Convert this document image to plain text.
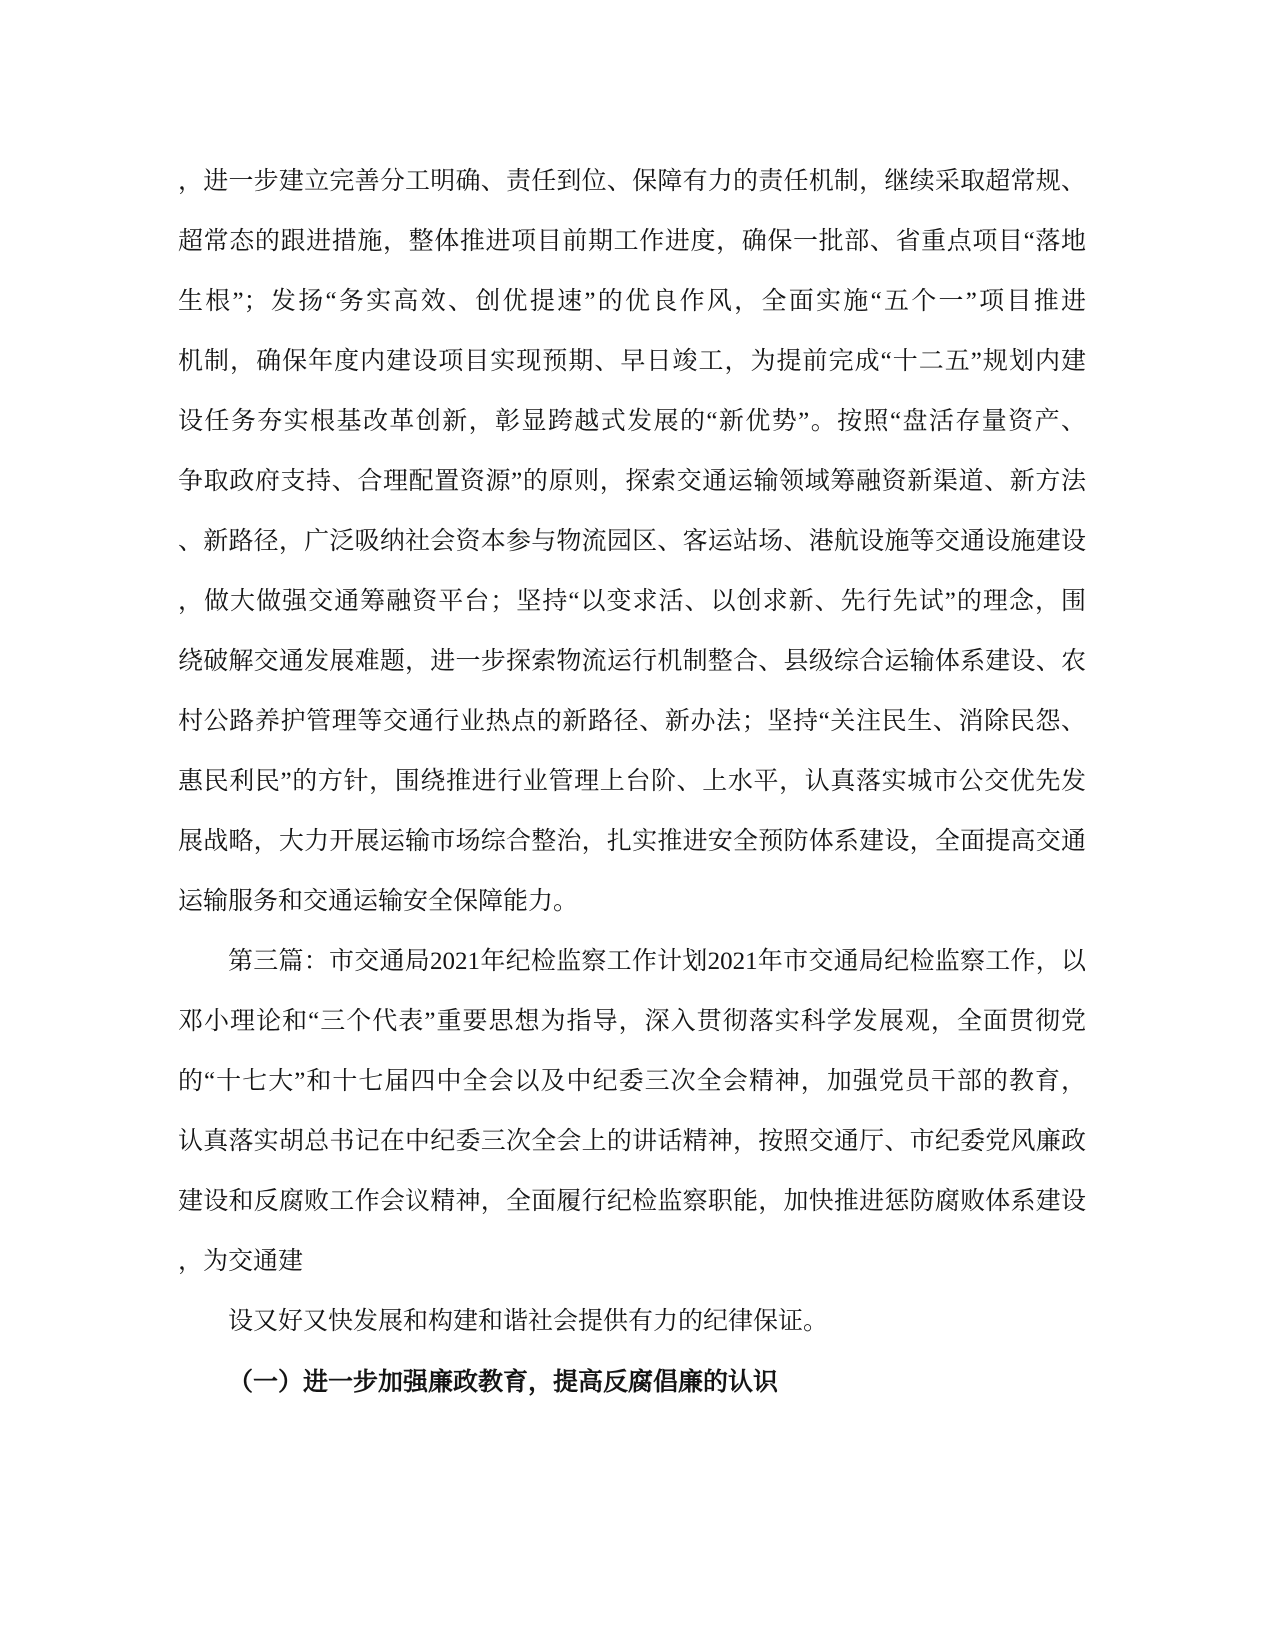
，进一步建立完善分工明确、责任到位、保障有力的责任机制，继续采取超常规、
超常态的跟进措施，整体推进项目前期工作进度，确保一批部、省重点项目“落地
生根”；发扬“务实高效、创优提速”的优良作风，全面实施“五个一”项目推进
机制，确保年度内建设项目实现预期、早日竣工，为提前完成“十二五”规划内建
设任务夯实根基改革创新，彰显跨越式发展的“新优势”。按照“盘活存量资产、
争取政府支持、合理配置资源”的原则，探索交通运输领域筹融资新渠道、新方法
、新路径，广泛吸纳社会资本参与物流园区、客运站场、港航设施等交通设施建设
，做大做强交通筹融资平台；坚持“以变求活、以创求新、先行先试”的理念，围
绕破解交通发展难题，进一步探索物流运行机制整合、县级综合运输体系建设、农
村公路养护管理等交通行业热点的新路径、新办法；坚持“关注民生、消除民怨、
惠民利民”的方针，围绕推进行业管理上台阶、上水平，认真落实城市公交优先发
展战略，大力开展运输市场综合整治，扎实推进安全预防体系建设，全面提高交通
运输服务和交通运输安全保障能力。
第三篇：市交通局2021年纪检监察工作计划2021年市交通局纪检监察工作，以
邓小理论和“三个代表”重要思想为指导，深入贯彻落实科学发展观，全面贯彻党
的“十七大”和十七届四中全会以及中纪委三次全会精神，加强党员干部的教育，
认真落实胡总书记在中纪委三次全会上的讲话精神，按照交通厅、市纪委党风廉政
建设和反腐败工作会议精神，全面履行纪检监察职能，加快推进惩防腐败体系建设
，为交通建
设又好又快发展和构建和谐社会提供有力的纪律保证。
（一）进一步加强廉政教育，提高反腐倡廉的认识
